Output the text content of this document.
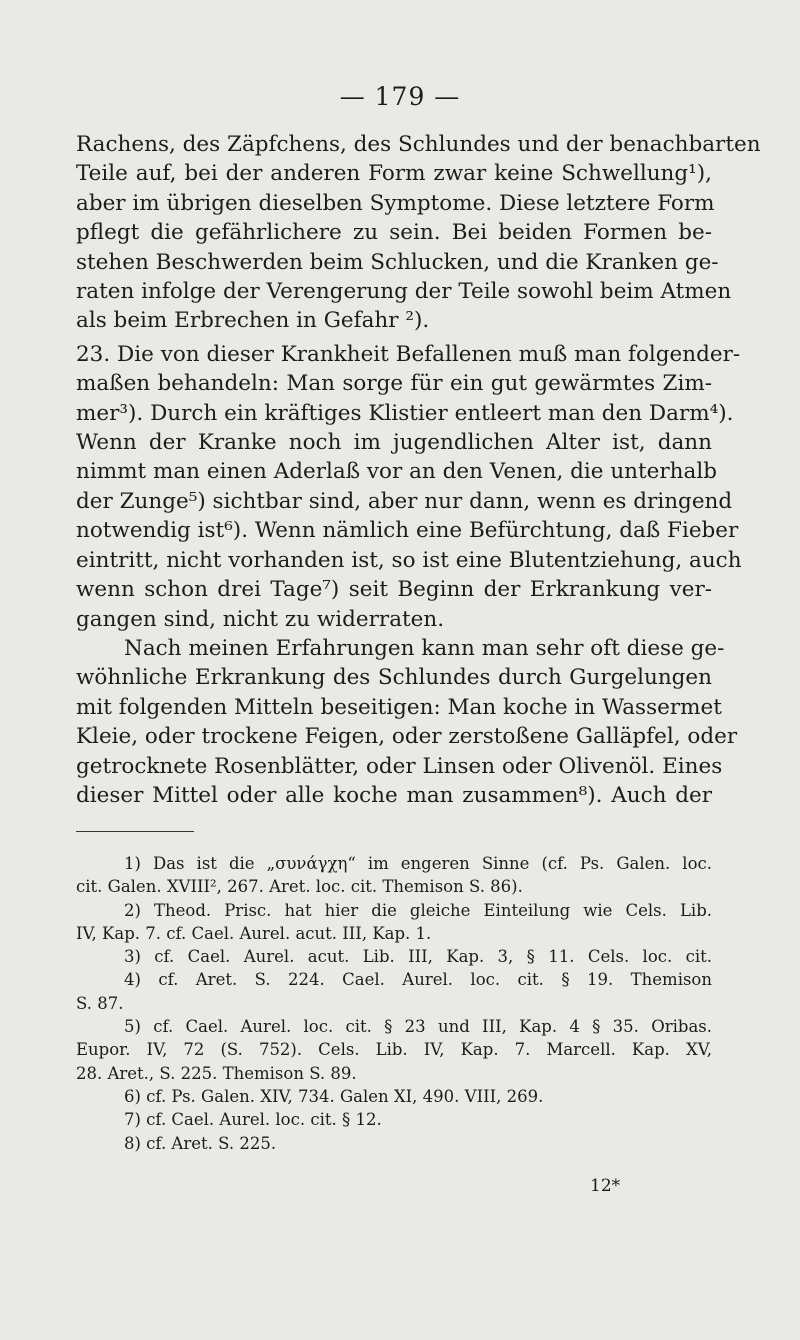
— 179 —
Rachens, des Zäpfchens, des Schlundes und der benachbarten
Teile auf, bei der anderen Form zwar keine Schwellung¹),
aber im übrigen dieselben Symptome. Diese letztere Form
pflegt die gefährlichere zu sein. Bei beiden Formen be-
stehen Beschwerden beim Schlucken, und die Kranken ge-
raten infolge der Verengerung der Teile sowohl beim Atmen
als beim Erbrechen in Gefahr ²).
23. Die von dieser Krankheit Befallenen muß man folgender-
maßen behandeln: Man sorge für ein gut gewärmtes Zim-
mer³). Durch ein kräftiges Klistier entleert man den Darm⁴).
Wenn der Kranke noch im jugendlichen Alter ist, dann
nimmt man einen Aderlaß vor an den Venen, die unterhalb
der Zunge⁵) sichtbar sind, aber nur dann, wenn es dringend
notwendig ist⁶). Wenn nämlich eine Befürchtung, daß Fieber
eintritt, nicht vorhanden ist, so ist eine Blutentziehung, auch
wenn schon drei Tage⁷) seit Beginn der Erkrankung ver-
gangen sind, nicht zu widerraten.
Nach meinen Erfahrungen kann man sehr oft diese ge-
wöhnliche Erkrankung des Schlundes durch Gurgelungen
mit folgenden Mitteln beseitigen: Man koche in Wassermet
Kleie, oder trockene Feigen, oder zerstoßene Galläpfel, oder
getrocknete Rosenblätter, oder Linsen oder Olivenöl. Eines
dieser Mittel oder alle koche man zusammen⁸). Auch der
1) Das ist die „συνάγχη“ im engeren Sinne (cf. Ps. Galen. loc.
cit. Galen. XVIII², 267. Aret. loc. cit. Themison S. 86).
2) Theod. Prisc. hat hier die gleiche Einteilung wie Cels. Lib.
IV, Kap. 7. cf. Cael. Aurel. acut. III, Kap. 1.
3) cf. Cael. Aurel. acut. Lib. III, Kap. 3, § 11. Cels. loc. cit.
4) cf. Aret. S. 224. Cael. Aurel. loc. cit. § 19. Themison
S. 87.
5) cf. Cael. Aurel. loc. cit. § 23 und III, Kap. 4 § 35. Oribas.
Eupor. IV, 72 (S. 752). Cels. Lib. IV, Kap. 7. Marcell. Kap. XV,
28. Aret., S. 225. Themison S. 89.
6) cf. Ps. Galen. XIV, 734. Galen XI, 490. VIII, 269.
7) cf. Cael. Aurel. loc. cit. § 12.
8) cf. Aret. S. 225.
12*
